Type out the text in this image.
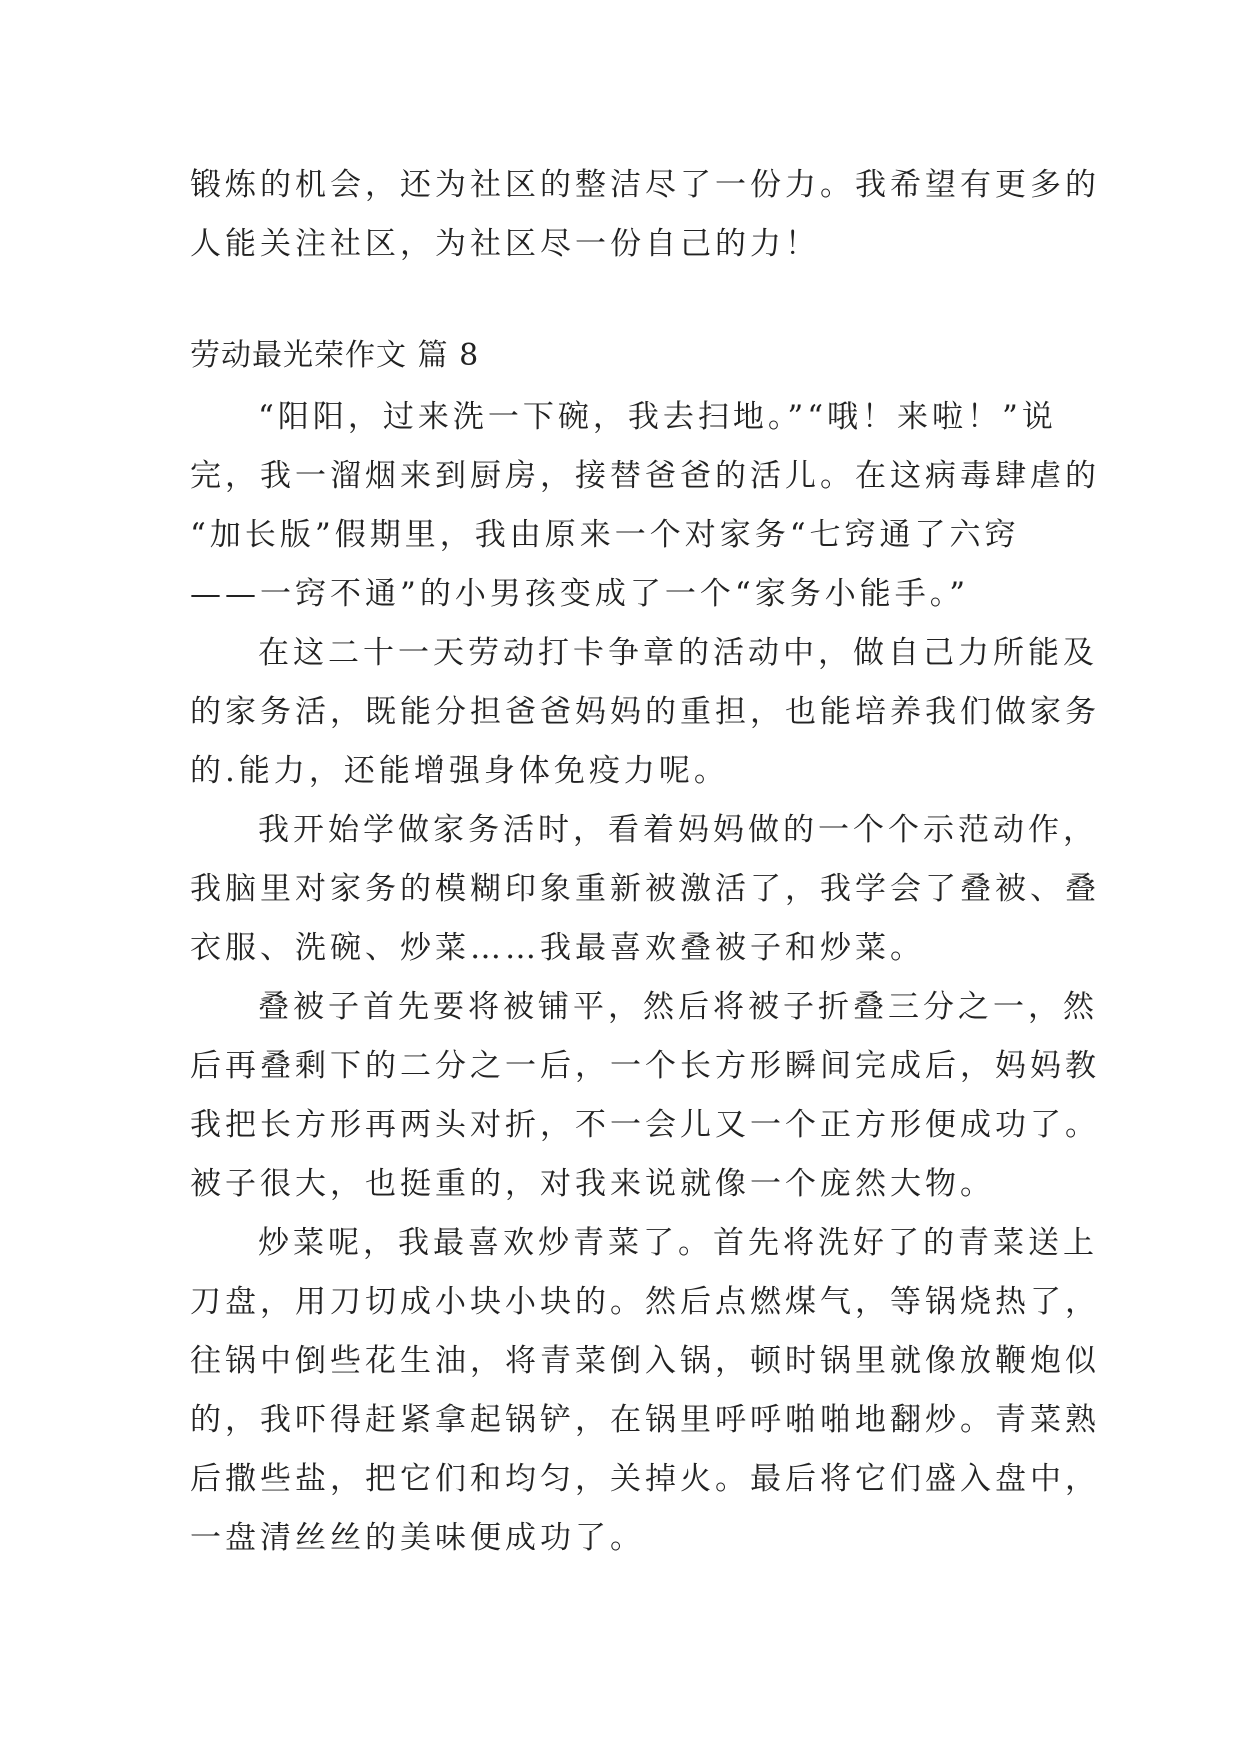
锻炼的机会，还为社区的整洁尽了一份力。我希望有更多的
人能关注社区，为社区尽一份自己的力！
劳动最光荣作文 篇 8
“阳阳，过来洗一下碗，我去扫地。”“哦！来啦！”说
完，我一溜烟来到厨房，接替爸爸的活儿。在这病毒肆虐的
“加长版”假期里，我由原来一个对家务“七窍通了六窍
——一窍不通”的小男孩变成了一个“家务小能手。”
在这二十一天劳动打卡争章的活动中，做自己力所能及
的家务活，既能分担爸爸妈妈的重担，也能培养我们做家务
的.能力，还能增强身体免疫力呢。
我开始学做家务活时，看着妈妈做的一个个示范动作，
我脑里对家务的模糊印象重新被激活了，我学会了叠被、叠
衣服、洗碗、炒菜……我最喜欢叠被子和炒菜。
叠被子首先要将被铺平，然后将被子折叠三分之一，然
后再叠剩下的二分之一后，一个长方形瞬间完成后，妈妈教
我把长方形再两头对折，不一会儿又一个正方形便成功了。
被子很大，也挺重的，对我来说就像一个庞然大物。
炒菜呢，我最喜欢炒青菜了。首先将洗好了的青菜送上
刀盘，用刀切成小块小块的。然后点燃煤气，等锅烧热了，
往锅中倒些花生油，将青菜倒入锅，顿时锅里就像放鞭炮似
的，我吓得赶紧拿起锅铲，在锅里呼呼啪啪地翻炒。青菜熟
后撒些盐，把它们和均匀，关掉火。最后将它们盛入盘中，
一盘清丝丝的美味便成功了。
